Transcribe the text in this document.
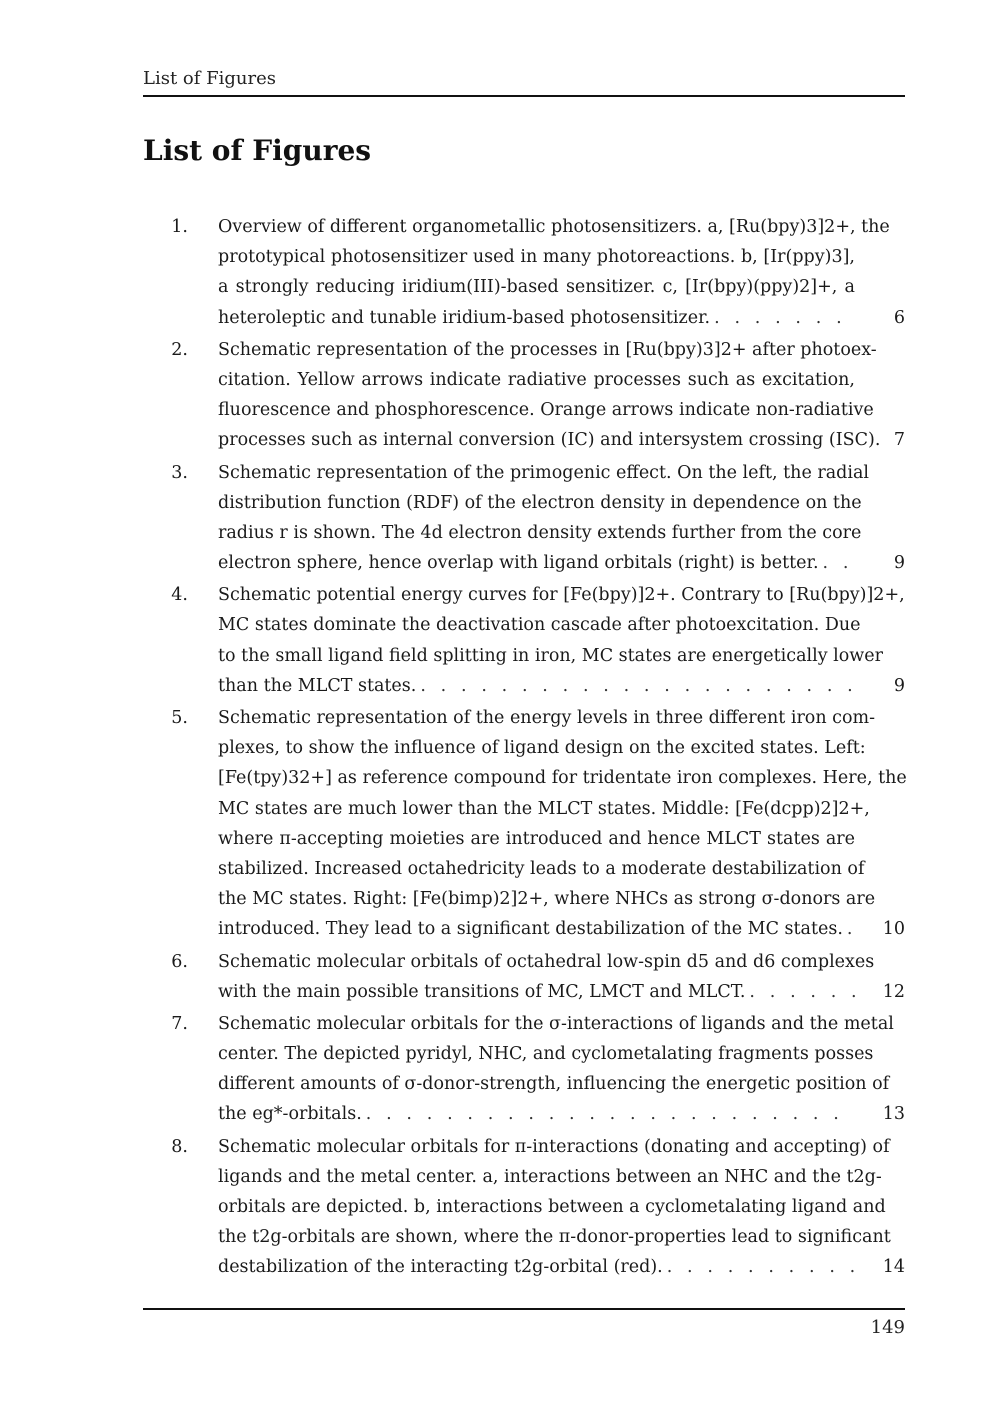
List of Figures
List of Figures
1. Overview of different organometallic photosensitizers. a, [Ru(bpy)3]2+, the
prototypical photosensitizer used in many photoreactions. b, [Ir(ppy)3],
a strongly reducing iridium(III)-based sensitizer. c, [Ir(bpy)(ppy)2]+, a
heteroleptic and tunable iridium-based photosensitizer. . . .	6
2. Schematic representation of the processes in [Ru(bpy)3]2+ after photoex-
citation. Yellow arrows indicate radiative processes such as excitation,
fluorescence and phosphorescence. Orange arrows indicate non-radiative
processes such as internal conversion (IC) and intersystem crossing (ISC). . . . 7
3. Schematic representation of the primogenic effect. On the left, the radial
distribution function (RDF) of the electron density in dependence on the
radius r is shown. The 4d electron density extends further from the core
electron sphere, hence overlap with ligand orbitals (right) is better. . . .	9
4. Schematic potential energy curves for [Fe(bpy)]2+. Contrary to [Ru(bpy)]2+,
MC states dominate the deactivation cascade after photoexcitation. Due
to the small ligand field splitting in iron, MC states are energetically lower
than the MLCT states. . . .	9
5. Schematic representation of the energy levels in three different iron com-
plexes, to show the influence of ligand design on the excited states. Left:
[Fe(tpy)32+] as reference compound for tridentate iron complexes. Here, the
MC states are much lower than the MLCT states. Middle: [Fe(dcpp)2]2+,
where π-accepting moieties are introduced and hence MLCT states are
stabilized. Increased octahedricity leads to a moderate destabilization of
the MC states. Right: [Fe(bimp)2]2+, where NHCs as strong σ-donors are
introduced. They lead to a significant destabilization of the MC states. . . .	10
6. Schematic molecular orbitals of octahedral low-spin d5 and d6 complexes
with the main possible transitions of MC, LMCT and MLCT. . . .	12
7. Schematic molecular orbitals for the σ-interactions of ligands and the metal
center. The depicted pyridyl, NHC, and cyclometalating fragments posses
different amounts of σ-donor-strength, influencing the energetic position of
the eg*-orbitals. . . .	13
8. Schematic molecular orbitals for π-interactions (donating and accepting) of
ligands and the metal center. a, interactions between an NHC and the t2g-
orbitals are depicted. b, interactions between a cyclometalating ligand and
the t2g-orbitals are shown, where the π-donor-properties lead to significant
destabilization of the interacting t2g-orbital (red). . . .	14
149
